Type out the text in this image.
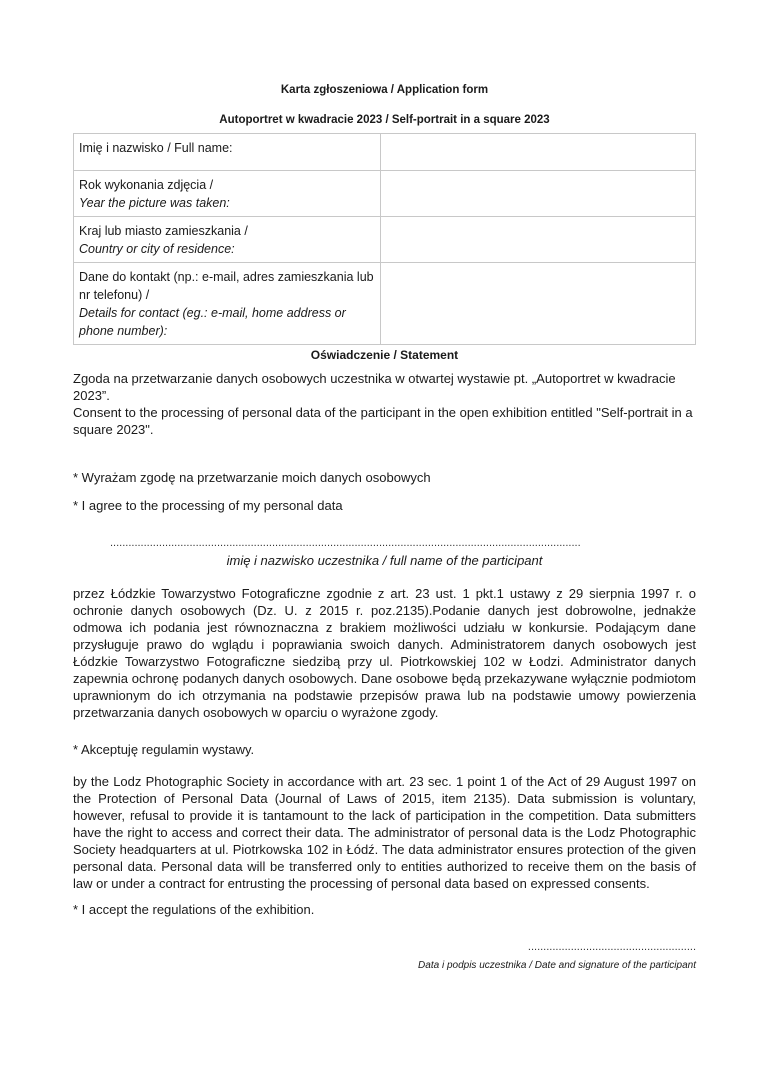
Karta zgłoszeniowa / Application form
Autoportret w kwadracie 2023 / Self-portrait in a square 2023
Imię i nazwisko / Full name:	
Rok wykonania zdjęcia /
Year the picture was taken:	

Kraj lub miasto zamieszkania /
Country or city of residence:	

Dane do kontakt (np.: e-mail, adres zamieszkania lub nr telefonu) /
Details for contact (eg.: e-mail, home address or phone number):	

Oświadczenie / Statement
Zgoda na przetwarzanie danych osobowych uczestnika w otwartej wystawie pt. „Autoportret w kwadracie 2023”.
Consent to the processing of personal data of the participant in the open exhibition entitled "Self-portrait in a square 2023".
* Wyrażam zgodę na przetwarzanie moich danych osobowych
* I agree to the processing of my personal data
..........................................................................................................................................................
imię i nazwisko uczestnika / full name of the participant
przez Łódzkie Towarzystwo Fotograficzne zgodnie z art. 23 ust. 1 pkt.1 ustawy z 29 sierpnia 1997 r. o ochronie danych osobowych (Dz. U. z 2015 r. poz.2135).Podanie danych jest dobrowolne, jednakże odmowa ich podania jest równoznaczna z brakiem możliwości udziału w konkursie. Podającym dane przysługuje prawo do wglądu i poprawiania swoich danych. Administratorem danych osobowych jest Łódzkie Towarzystwo Fotograficzne siedzibą przy ul. Piotrkowskiej 102 w Łodzi. Administrator danych zapewnia ochronę podanych danych osobowych. Dane osobowe będą przekazywane wyłącznie podmiotom uprawnionym do ich otrzymania na podstawie przepisów prawa lub na podstawie umowy powierzenia przetwarzania danych osobowych w oparciu o wyrażone zgody.
* Akceptuję regulamin wystawy.
by the Lodz Photographic Society in accordance with art. 23 sec. 1 point 1 of the Act of 29 August 1997 on the Protection of Personal Data (Journal of Laws of 2015, item 2135). Data submission is voluntary, however, refusal to provide it is tantamount to the lack of participation in the competition. Data submitters have the right to access and correct their data. The administrator of personal data is the Lodz Photographic Society headquarters at ul. Piotrkowska 102 in Łódź. The data administrator ensures protection of the given personal data. Personal data will be transferred only to entities authorized to receive them on the basis of law or under a contract for entrusting the processing of personal data based on expressed consents.
* I accept the regulations of the exhibition.
.......................................................
Data i podpis uczestnika / Date and signature of the participant
